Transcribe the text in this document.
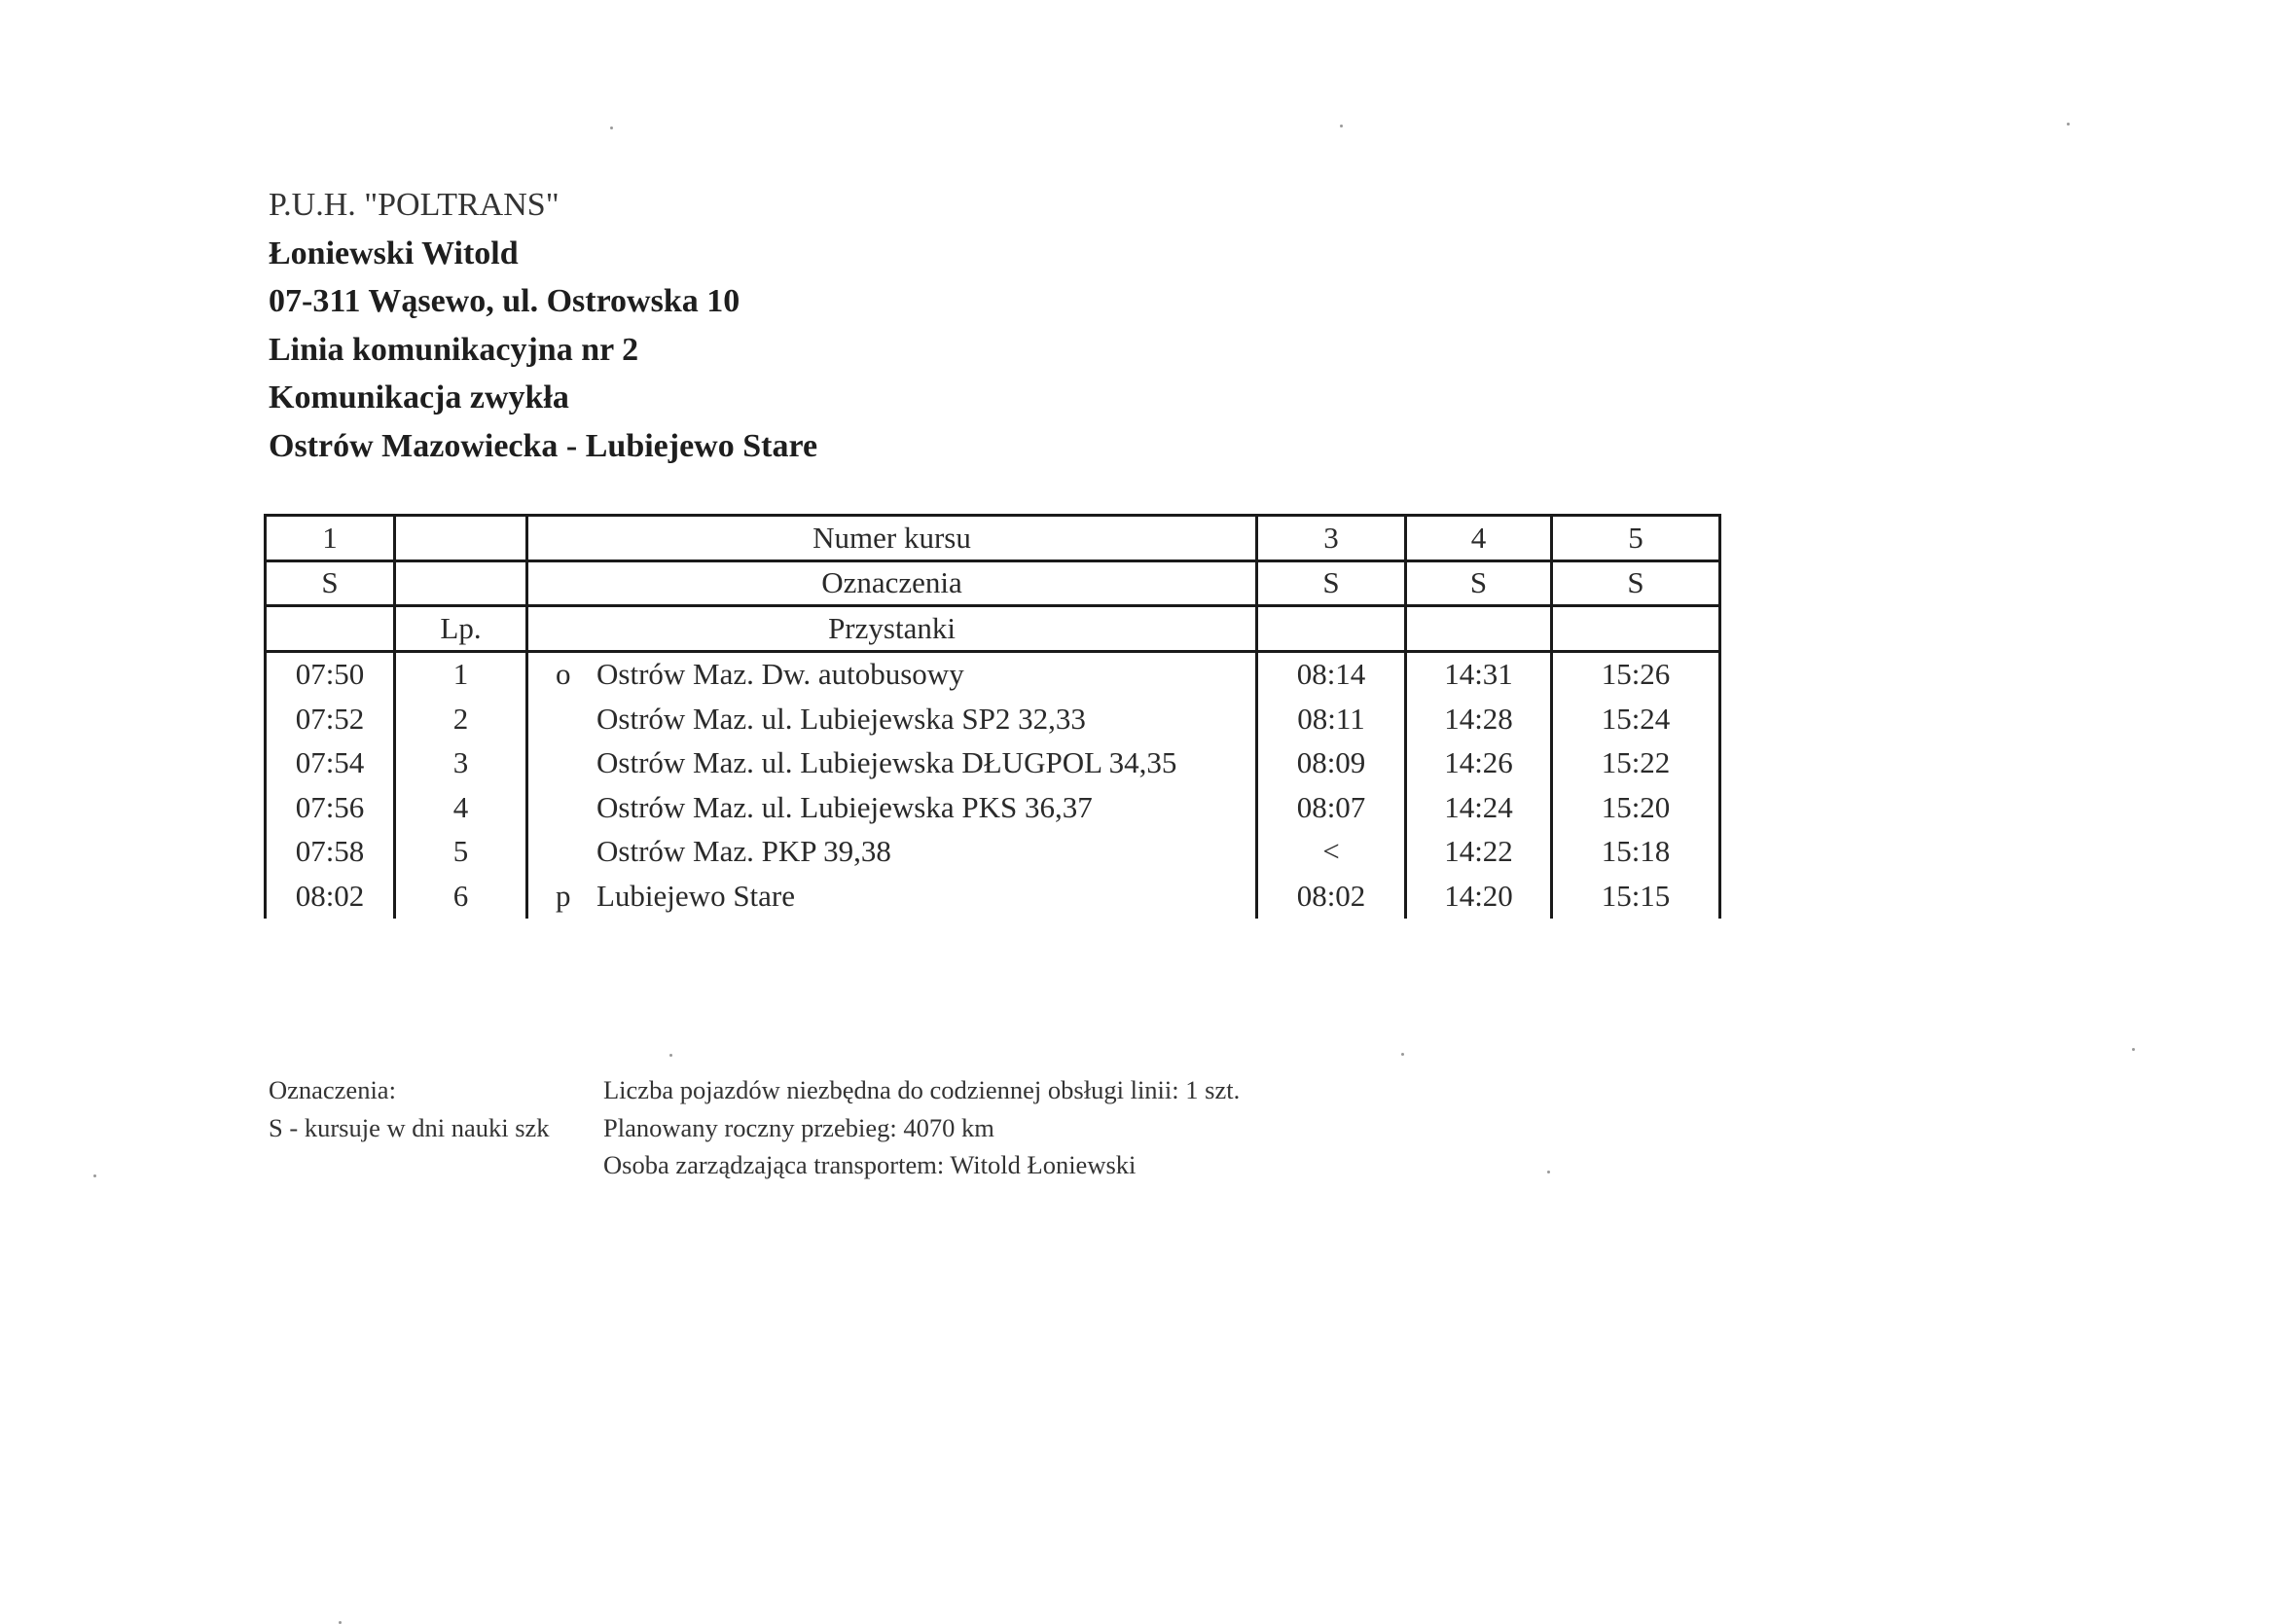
P.U.H. "POLTRANS"
Łoniewski Witold
07-311 Wąsewo, ul. Ostrowska 10
Linia komunikacyjna nr 2
Komunikacja zwykła
Ostrów Mazowiecka - Lubiejewo Stare
1		Numer kursu	3	4	5
S		Oznaczenia	S	S	S
	Lp.	Przystanki			
07:50	1	o Ostrów Maz. Dw. autobusowy	08:14	14:31	15:26
07:52	2	Ostrów Maz. ul. Lubiejewska SP2 32,33	08:11	14:28	15:24
07:54	3	Ostrów Maz. ul. Lubiejewska DŁUGPOL 34,35	08:09	14:26	15:22
07:56	4	Ostrów Maz. ul. Lubiejewska PKS 36,37	08:07	14:24	15:20
07:58	5	Ostrów Maz. PKP 39,38	<	14:22	15:18
08:02	6	p Lubiejewo Stare	08:02	14:20	15:15
Oznaczenia:
S - kursuje w dni nauki szk
Liczba pojazdów niezbędna do codziennej obsługi linii: 1 szt.
Planowany roczny przebieg: 4070 km
Osoba zarządzająca transportem: Witold Łoniewski
